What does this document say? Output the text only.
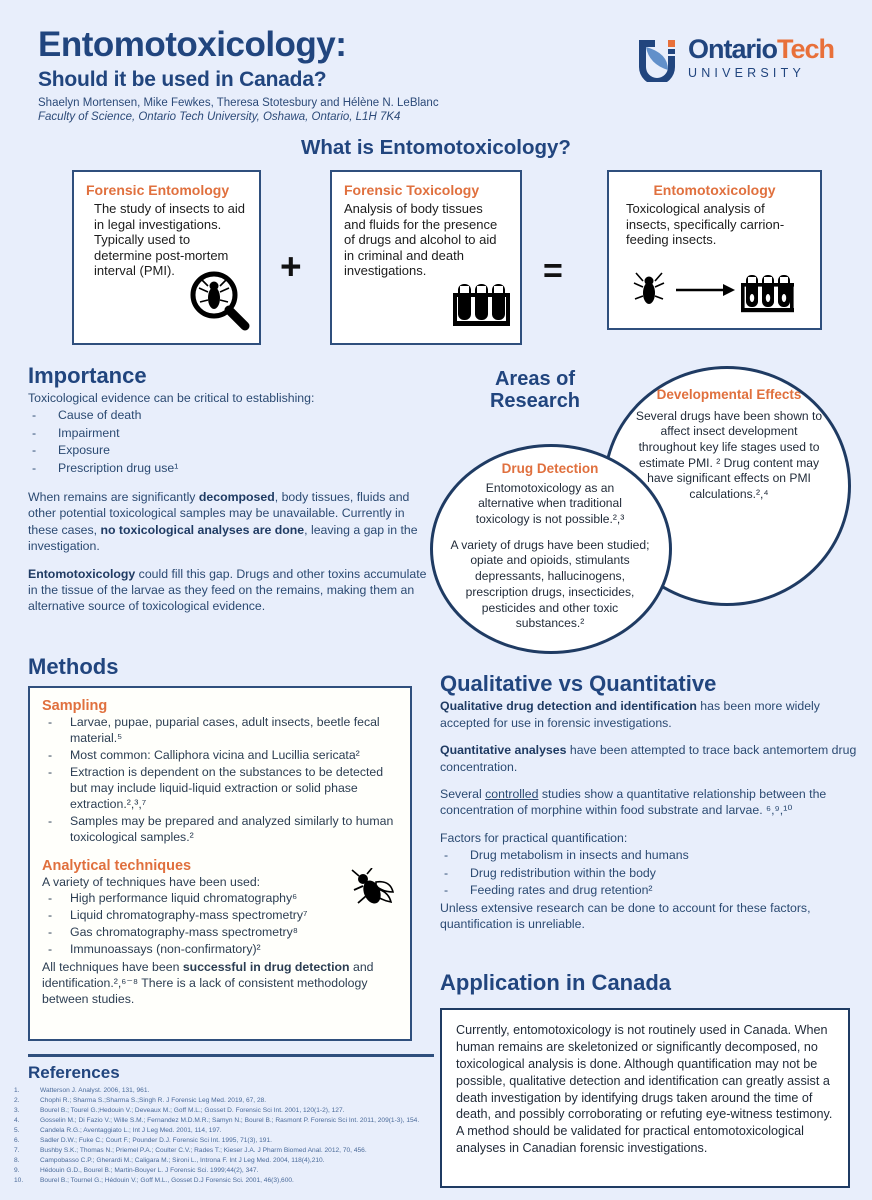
Entomotoxicology:
Should it be used in Canada?
Shaelyn Mortensen, Mike Fewkes, Theresa Stotesbury and Hélène N. LeBlanc
Faculty of Science, Ontario Tech University, Oshawa, Ontario, L1H 7K4
OntarioTech
UNIVERSITY
What is Entomotoxicology?
Forensic Entomology
The study of insects to aid in legal investigations. Typically used to determine post-mortem interval (PMI).	+
Forensic Toxicology
Analysis of body tissues and fluids for the presence of drugs and alcohol to aid in criminal and death investigations.	=
Entomotoxicology
Toxicological analysis of insects, specifically carrion-feeding insects.
Importance
Toxicological evidence can be critical to establishing:
- Cause of death
- Impairment
- Exposure
- Prescription drug use¹
When remains are significantly decomposed, body tissues, fluids and other potential toxicological samples may be unavailable. Currently in these cases, no toxicological analyses are done, leaving a gap in the investigation.
Entomotoxicology could fill this gap. Drugs and other toxins accumulate in the tissue of the larvae as they feed on the remains, making them an alternative source of toxicological evidence.
Areas of Research	Developmental Effects
Several drugs have been shown to affect insect development throughout key life stages used to estimate PMI. ² Drug content may have significant effects on PMI calculations.²,⁴
Drug Detection
Entomotoxicology as an alternative when traditional toxicology is not possible.²,³
A variety of drugs have been studied; opiate and opioids, stimulants depressants, hallucinogens, prescription drugs, insecticides, pesticides and other toxic substances.²
Methods
Sampling
- Larvae, pupae, puparial cases, adult insects, beetle fecal material.⁵
- Most common: Calliphora vicina and Lucillia sericata²
- Extraction is dependent on the substances to be detected but may include liquid-liquid extraction or solid phase extraction.²,³,⁷
- Samples may be prepared and analyzed similarly to human toxicological samples.²
Analytical techniques
A variety of techniques have been used:
- High performance liquid chromatography⁶
- Liquid chromatography-mass spectrometry⁷
- Gas chromatography-mass spectrometry⁸
- Immunoassays (non-confirmatory)²
All techniques have been successful in drug detection and identification.²,⁶⁻⁸ There is a lack of consistent methodology between studies.
Qualitative vs Quantitative
Qualitative drug detection and identification has been more widely accepted for use in forensic investigations.
Quantitative analyses have been attempted to trace back antemortem drug concentration.
Several controlled studies show a quantitative relationship between the concentration of morphine within food substrate and larvae. ⁶,⁹,¹⁰
Factors for practical quantification:
- Drug metabolism in insects and humans
- Drug redistribution within the body
- Feeding rates and drug retention²
Unless extensive research can be done to account for these factors, quantification is unreliable.
Application in Canada
Currently, entomotoxicology is not routinely used in Canada. When human remains are skeletonized or significantly decomposed, no toxicological analysis is done. Although quantification may not be possible, qualitative detection and identification can greatly assist a death investigation by identifying drugs taken around the time of death, and possibly corroborating or refuting eye-witness testimony. A method should be validated for practical entomotoxicological analyses in Canadian forensic investigations.
References
1.	Watterson J. Analyst. 2006, 131, 961.
2.	Chophi R.; Sharma S.;Sharma S.;Singh R. J Forensic Leg Med. 2019, 67, 28.
3.	Bourel B.; Tourel G.;Hedouin V.; Deveaux M.; Goff M.L.; Gosset D. Forensic Sci Int. 2001, 120(1-2), 127.
4.	Gosselin M.; Di Fazio V.; Wille S.M.; Fernandez M.D.M.R.; Samyn N.; Bourel B.; Rasmont P. Forensic Sci Int. 2011, 209(1-3), 154.
5.	Candela R.G.; Aventaggiato L.; Int J Leg Med. 2001, 114, 197.
6.	Sadler D.W.; Fuke C.; Court F.; Pounder D.J. Forensic Sci Int. 1995, 71(3), 191.
7.	Bushby S.K.; Thomas N.; Priemel P.A.; Coulter C.V.; Rades T.; Kieser J.A. J Pharm Biomed Anal. 2012, 70, 456.
8.	Campobasso C.P.; Gherardi M.; Caligara M.; Sironi L., Introna F. Int J Leg Med. 2004, 118(4),210.
9.	Hédouin G.D., Bourel B.; Martin-Bouyer L. J Forensic Sci. 1999;44(2), 347.
10.	Bourel B.; Tournel G.; Hédouin V.; Goff M.L., Gosset D.J Forensic Sci. 2001, 46(3),600.
